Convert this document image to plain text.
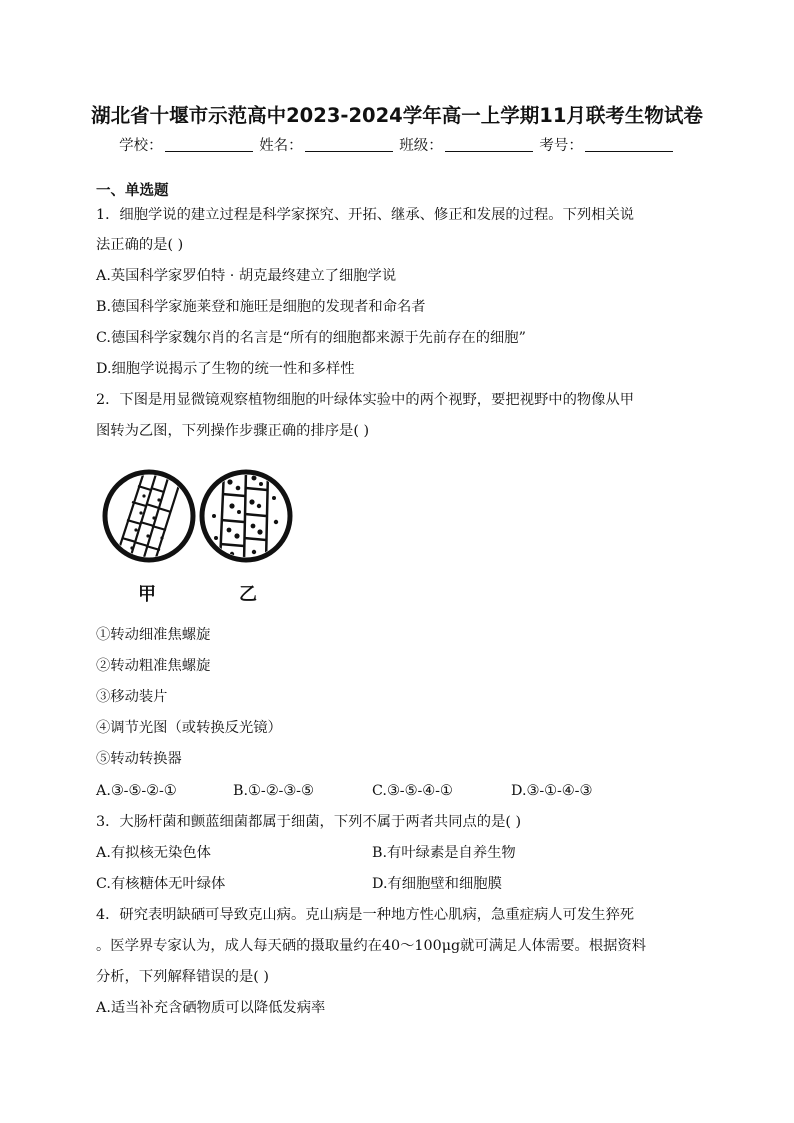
湖北省十堰市示范高中2023-2024学年高一上学期11月联考生物试卷
学校：	姓名：	班级：	考号：
一、单选题
1．细胞学说的建立过程是科学家探究、开拓、继承、修正和发展的过程。下列相关说
法正确的是( )
A.英国科学家罗伯特 · 胡克最终建立了细胞学说
B.德国科学家施莱登和施旺是细胞的发现者和命名者
C.德国科学家魏尔肖的名言是“所有的细胞都来源于先前存在的细胞”
D.细胞学说揭示了生物的统一性和多样性
2．下图是用显微镜观察植物细胞的叶绿体实验中的两个视野，要把视野中的物像从甲
图转为乙图，下列操作步骤正确的排序是( )
甲	乙
①转动细准焦螺旋
②转动粗准焦螺旋
③移动装片
④调节光图（或转换反光镜）
⑤转动转换器
A.③-⑤-②-①	B.①-②-③-⑤	C.③-⑤-④-①	D.③-①-④-③
3．大肠杆菌和颤蓝细菌都属于细菌，下列不属于两者共同点的是( )
A.有拟核无染色体	B.有叶绿素是自养生物
C.有核糖体无叶绿体	D.有细胞壁和细胞膜
4．研究表明缺硒可导致克山病。克山病是一种地方性心肌病，急重症病人可发生猝死
。医学界专家认为，成人每天硒的摄取量约在40～100μg就可满足人体需要。根据资料
分析，下列解释错误的是( )
A.适当补充含硒物质可以降低发病率
